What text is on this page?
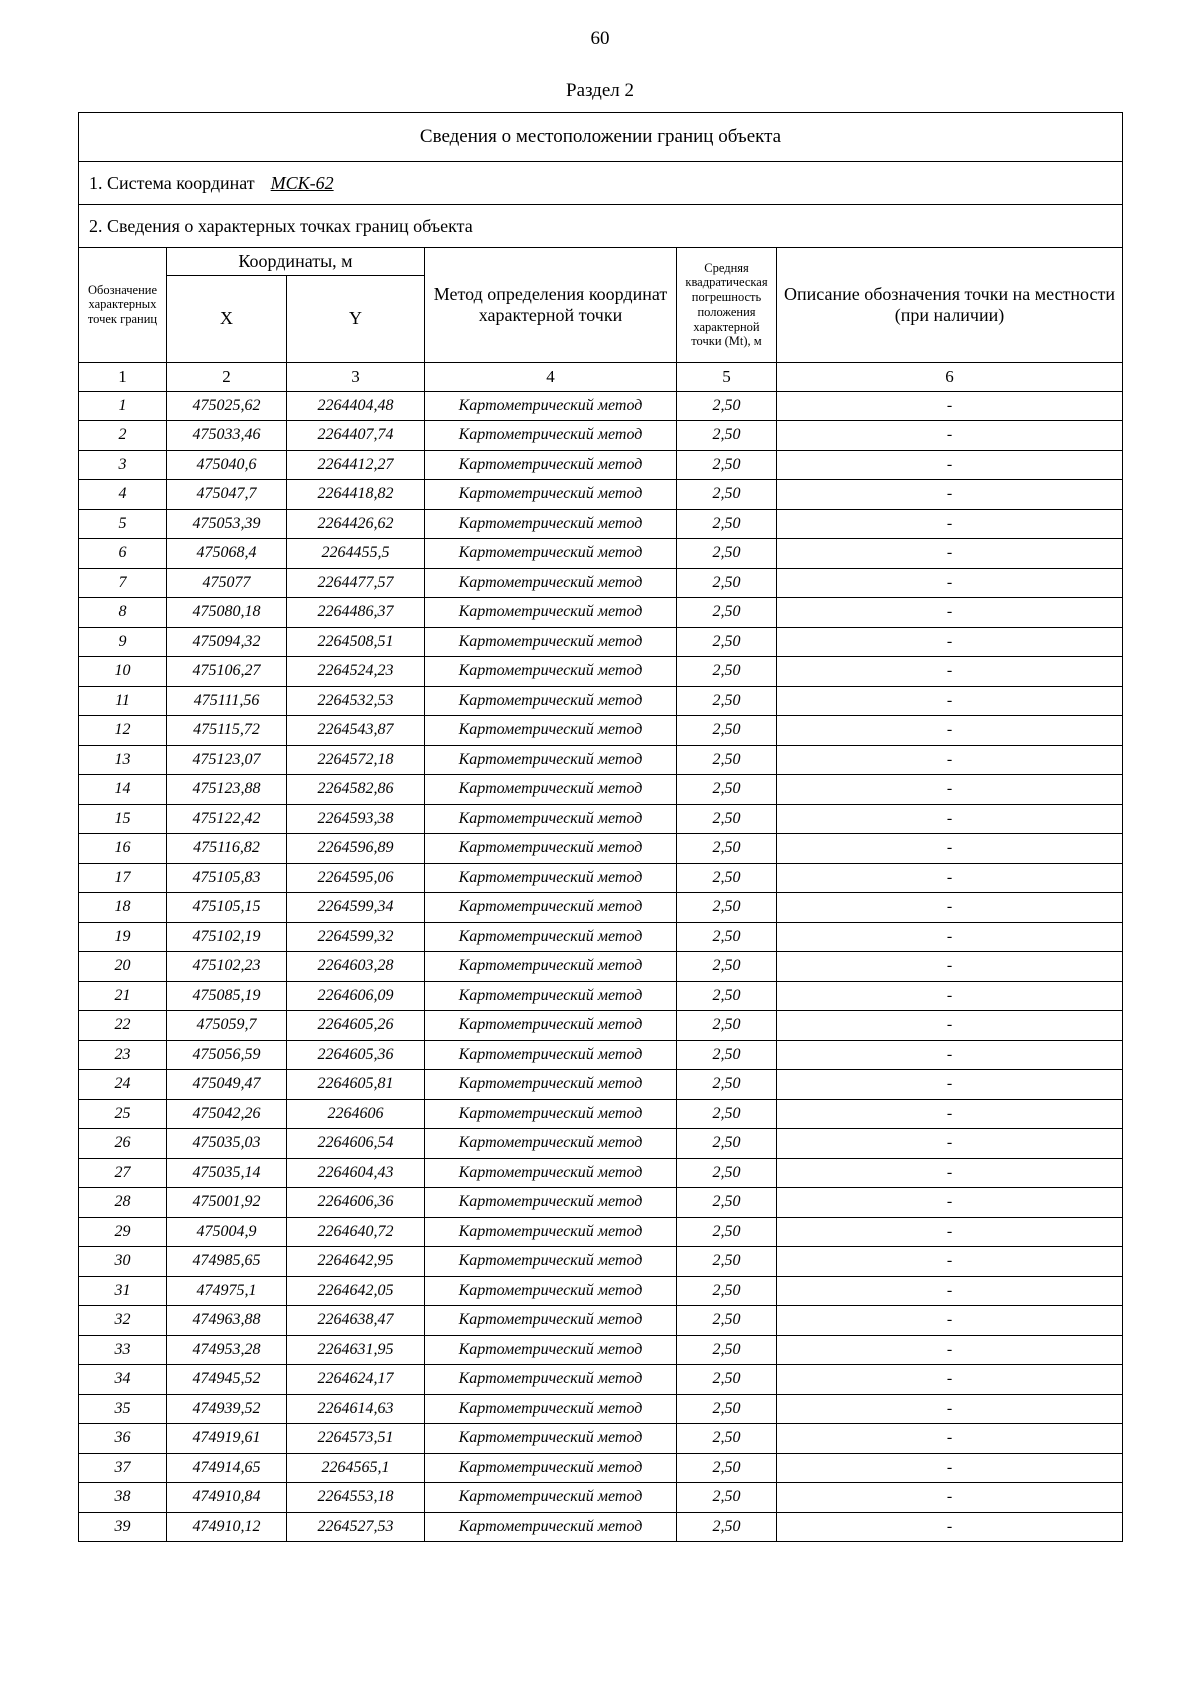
60
Раздел 2
Сведения о местоположении границ объекта					
1. Система координат МСК-62					
2. Сведения о характерных точках границ объекта					
Обозначение характерных точек границ	Координаты, м		Метод определения координат характерной точки	Средняя квадратическая погрешность положения характерной точки (Mt), м	Описание обозначения точки на местности (при наличии)
	X	Y			
1	2	3	4	5	6
1	475025,62	2264404,48	Картометрический метод	2,50	-
2	475033,46	2264407,74	Картометрический метод	2,50	-
3	475040,6	2264412,27	Картометрический метод	2,50	-
4	475047,7	2264418,82	Картометрический метод	2,50	-
5	475053,39	2264426,62	Картометрический метод	2,50	-
6	475068,4	2264455,5	Картометрический метод	2,50	-
7	475077	2264477,57	Картометрический метод	2,50	-
8	475080,18	2264486,37	Картометрический метод	2,50	-
9	475094,32	2264508,51	Картометрический метод	2,50	-
10	475106,27	2264524,23	Картометрический метод	2,50	-
11	475111,56	2264532,53	Картометрический метод	2,50	-
12	475115,72	2264543,87	Картометрический метод	2,50	-
13	475123,07	2264572,18	Картометрический метод	2,50	-
14	475123,88	2264582,86	Картометрический метод	2,50	-
15	475122,42	2264593,38	Картометрический метод	2,50	-
16	475116,82	2264596,89	Картометрический метод	2,50	-
17	475105,83	2264595,06	Картометрический метод	2,50	-
18	475105,15	2264599,34	Картометрический метод	2,50	-
19	475102,19	2264599,32	Картометрический метод	2,50	-
20	475102,23	2264603,28	Картометрический метод	2,50	-
21	475085,19	2264606,09	Картометрический метод	2,50	-
22	475059,7	2264605,26	Картометрический метод	2,50	-
23	475056,59	2264605,36	Картометрический метод	2,50	-
24	475049,47	2264605,81	Картометрический метод	2,50	-
25	475042,26	2264606	Картометрический метод	2,50	-
26	475035,03	2264606,54	Картометрический метод	2,50	-
27	475035,14	2264604,43	Картометрический метод	2,50	-
28	475001,92	2264606,36	Картометрический метод	2,50	-
29	475004,9	2264640,72	Картометрический метод	2,50	-
30	474985,65	2264642,95	Картометрический метод	2,50	-
31	474975,1	2264642,05	Картометрический метод	2,50	-
32	474963,88	2264638,47	Картометрический метод	2,50	-
33	474953,28	2264631,95	Картометрический метод	2,50	-
34	474945,52	2264624,17	Картометрический метод	2,50	-
35	474939,52	2264614,63	Картометрический метод	2,50	-
36	474919,61	2264573,51	Картометрический метод	2,50	-
37	474914,65	2264565,1	Картометрический метод	2,50	-
38	474910,84	2264553,18	Картометрический метод	2,50	-
39	474910,12	2264527,53	Картометрический метод	2,50	-
